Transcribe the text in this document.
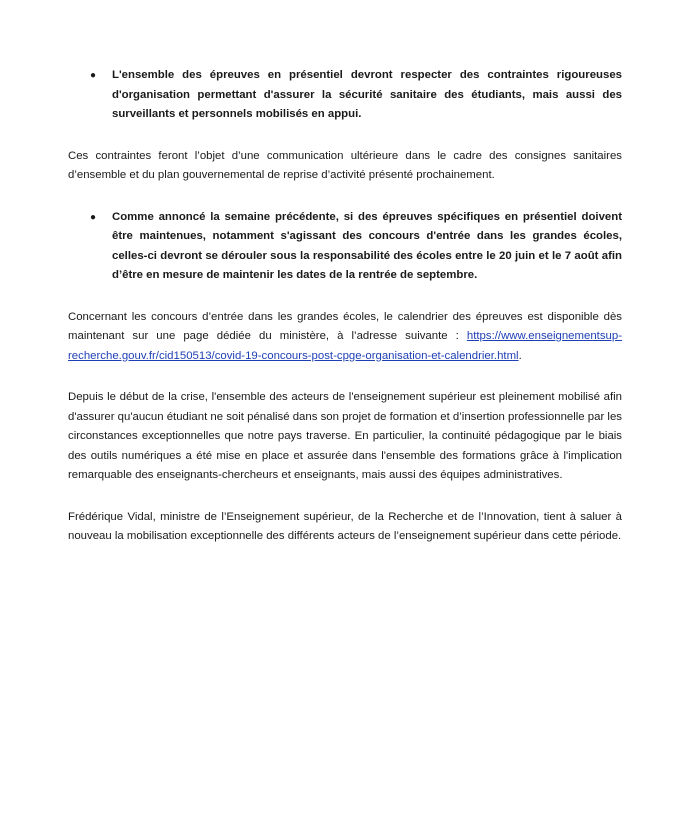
●	L'ensemble des épreuves en présentiel devront respecter des contraintes rigoureuses d'organisation permettant d'assurer la sécurité sanitaire des étudiants, mais aussi des surveillants et personnels mobilisés en appui.

Ces contraintes feront l’objet d’une communication ultérieure dans le cadre des consignes sanitaires d’ensemble et du plan gouvernemental de reprise d’activité présenté prochainement.

●	Comme annoncé la semaine précédente, si des épreuves spécifiques en présentiel doivent être maintenues, notamment s'agissant des concours d'entrée dans les grandes écoles, celles-ci devront se dérouler sous la responsabilité des écoles entre le 20 juin et le 7 août afin d’être en mesure de maintenir les dates de la rentrée de septembre.

Concernant les concours d’entrée dans les grandes écoles, le calendrier des épreuves est disponible dès maintenant sur une page dédiée du ministère, à l’adresse suivante : https://www.enseignementsup-recherche.gouv.fr/cid150513/covid-19-concours-post-cpge-organisation-et-calendrier.html.

Depuis le début de la crise, l'ensemble des acteurs de l'enseignement supérieur est pleinement mobilisé afin d'assurer qu'aucun étudiant ne soit pénalisé dans son projet de formation et d’insertion professionnelle par les circonstances exceptionnelles que notre pays traverse. En particulier, la continuité pédagogique par le biais des outils numériques a été mise en place et assurée dans l'ensemble des formations grâce à l'implication remarquable des enseignants-chercheurs et enseignants, mais aussi des équipes administratives.

Frédérique Vidal, ministre de l’Enseignement supérieur, de la Recherche et de l’Innovation, tient à saluer à nouveau la mobilisation exceptionnelle des différents acteurs de l’enseignement supérieur dans cette période.
